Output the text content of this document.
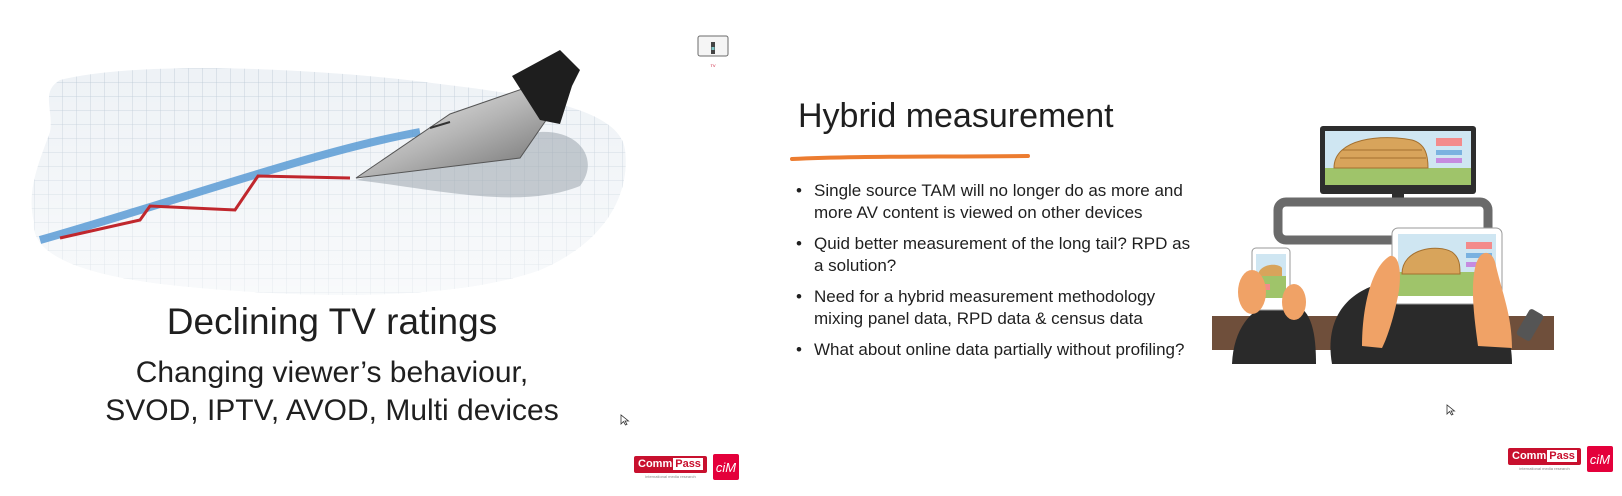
TV
Declining TV ratings
Changing viewer’s behaviour,
SVOD, IPTV, AVOD, Multi devices
Comm Pass
international media research
ciM
Hybrid measurement
• Single source TAM will no longer do as more and more AV content is viewed on other devices
• Quid better measurement of the long tail? RPD as a solution?
• Need for a hybrid measurement methodology mixing panel data, RPD data & census data
• What about online data partially without profiling?
Comm Pass
international media research
ciM
